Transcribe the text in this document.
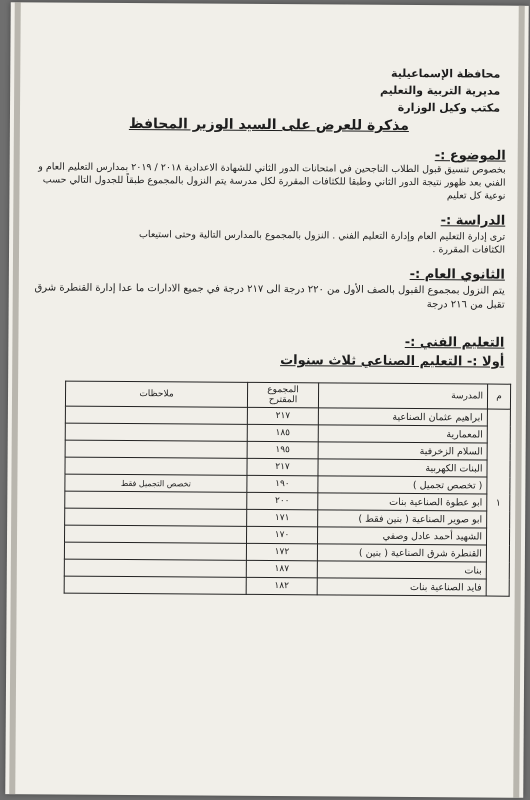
محافظة الإسماعيلية
مديرية التربية والتعليم
مكتب وكيل الوزارة
مذكرة للعرض على السيد الوزير المحافظ
الموضوع :-
بخصوص تنسيق قبول الطلاب الناجحين في امتحانات الدور الثاني للشهادة الاعدادية ٢٠١٨ / ٢٠١٩ بمدارس التعليم العام و الفني بعد ظهور نتيجة الدور الثاني وطبقا للكثافات المقررة لكل مدرسة يتم النزول بالمجموع طبقاً للجدول التالي حسب نوعية كل تعليم
الدراسة :-
ترى إدارة التعليم العام وإدارة التعليم الفني . النزول بالمجموع بالمدارس التالية وحتى استيعاب الكثافات المقررة .
الثانوي العام :-
يتم النزول بمجموع القبول بالصف الأول من ٢٢٠ درجة الى ٢١٧ درجة في جميع الادارات ما عدا إدارة القنطرة شرق تقبل من ٢١٦ درجة
التعليم الفني :-
أولا :- التعليم الصناعي ثلاث سنوات
م	المدرسة	المجموع المقترح	ملاحظات
١	ابراهيم عثمان الصناعية	٢١٧	
	المعمارية	١٨٥	
	السلام الزخرفية	١٩٥	
	البنات الكهربية	٢١٧	
	( تخصص تجميل )	١٩٠	تخصص التجميل فقط
	ابو عطوة الصناعية بنات	٢٠٠	
	ابو صوير الصناعية ( بنين فقط )	١٧١	
	الشهيد أحمد عادل وصفي	١٧٠	
	القنطرة شرق الصناعية ( بنين )	١٧٢	
	بنات	١٨٧	
	فايد الصناعية بنات	١٨٢	
